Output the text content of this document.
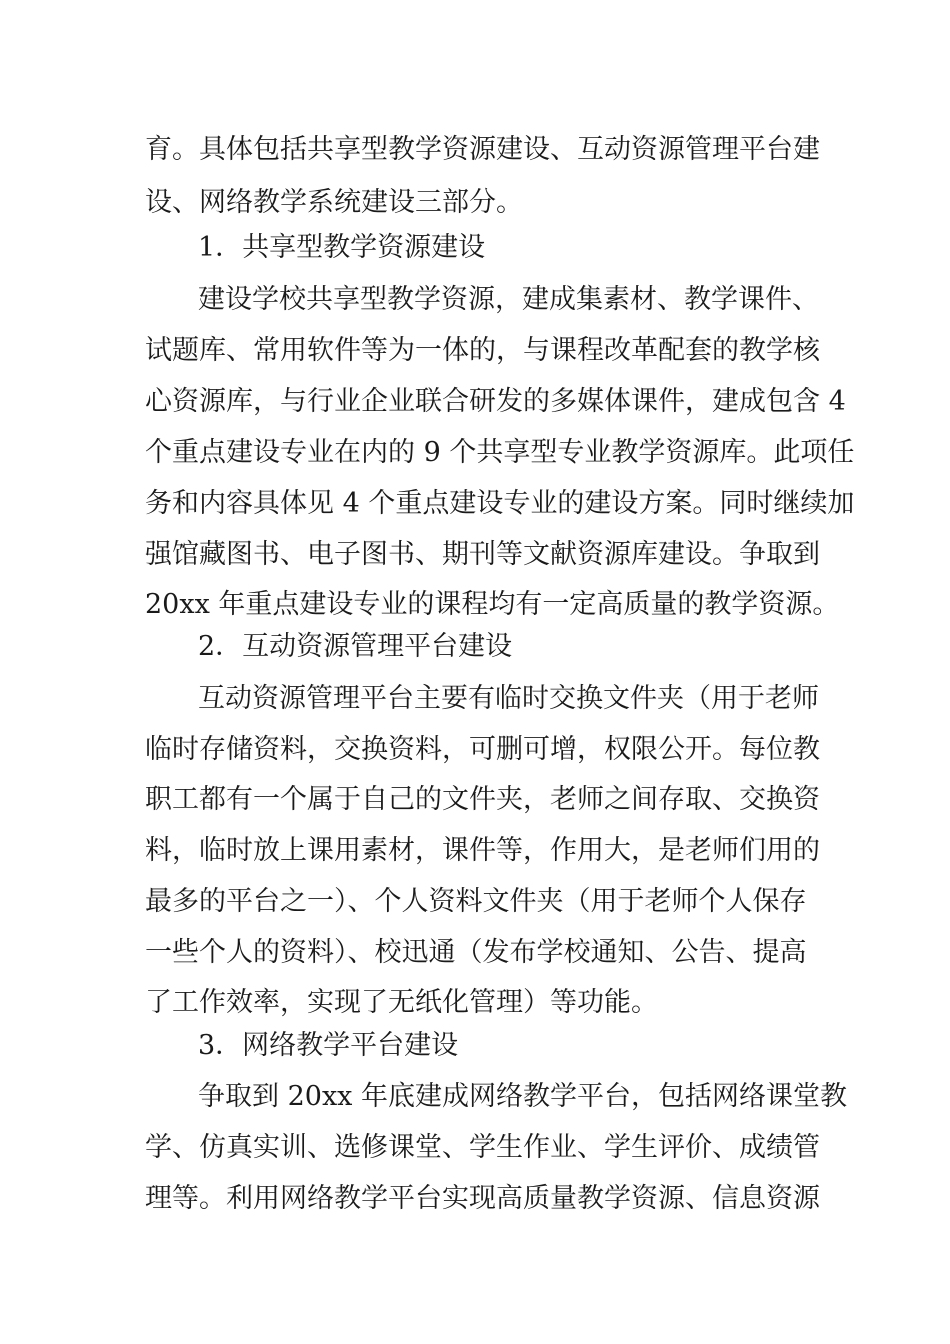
育。具体包括共享型教学资源建设、互动资源管理平台建
设、网络教学系统建设三部分。
1．共享型教学资源建设
建设学校共享型教学资源，建成集素材、教学课件、
试题库、常用软件等为一体的，与课程改革配套的教学核
心资源库，与行业企业联合研发的多媒体课件，建成包含 4
个重点建设专业在内的 9 个共享型专业教学资源库。此项任
务和内容具体见 4 个重点建设专业的建设方案。同时继续加
强馆藏图书、电子图书、期刊等文献资源库建设。争取到
20xx 年重点建设专业的课程均有一定高质量的教学资源。
2．互动资源管理平台建设
互动资源管理平台主要有临时交换文件夹（用于老师
临时存储资料，交换资料，可删可增，权限公开。每位教
职工都有一个属于自己的文件夹，老师之间存取、交换资
料，临时放上课用素材，课件等，作用大，是老师们用的
最多的平台之一）、个人资料文件夹（用于老师个人保存
一些个人的资料）、校迅通（发布学校通知、公告、提高
了工作效率，实现了无纸化管理）等功能。
3．网络教学平台建设
争取到 20xx 年底建成网络教学平台，包括网络课堂教
学、仿真实训、选修课堂、学生作业、学生评价、成绩管
理等。利用网络教学平台实现高质量教学资源、信息资源
